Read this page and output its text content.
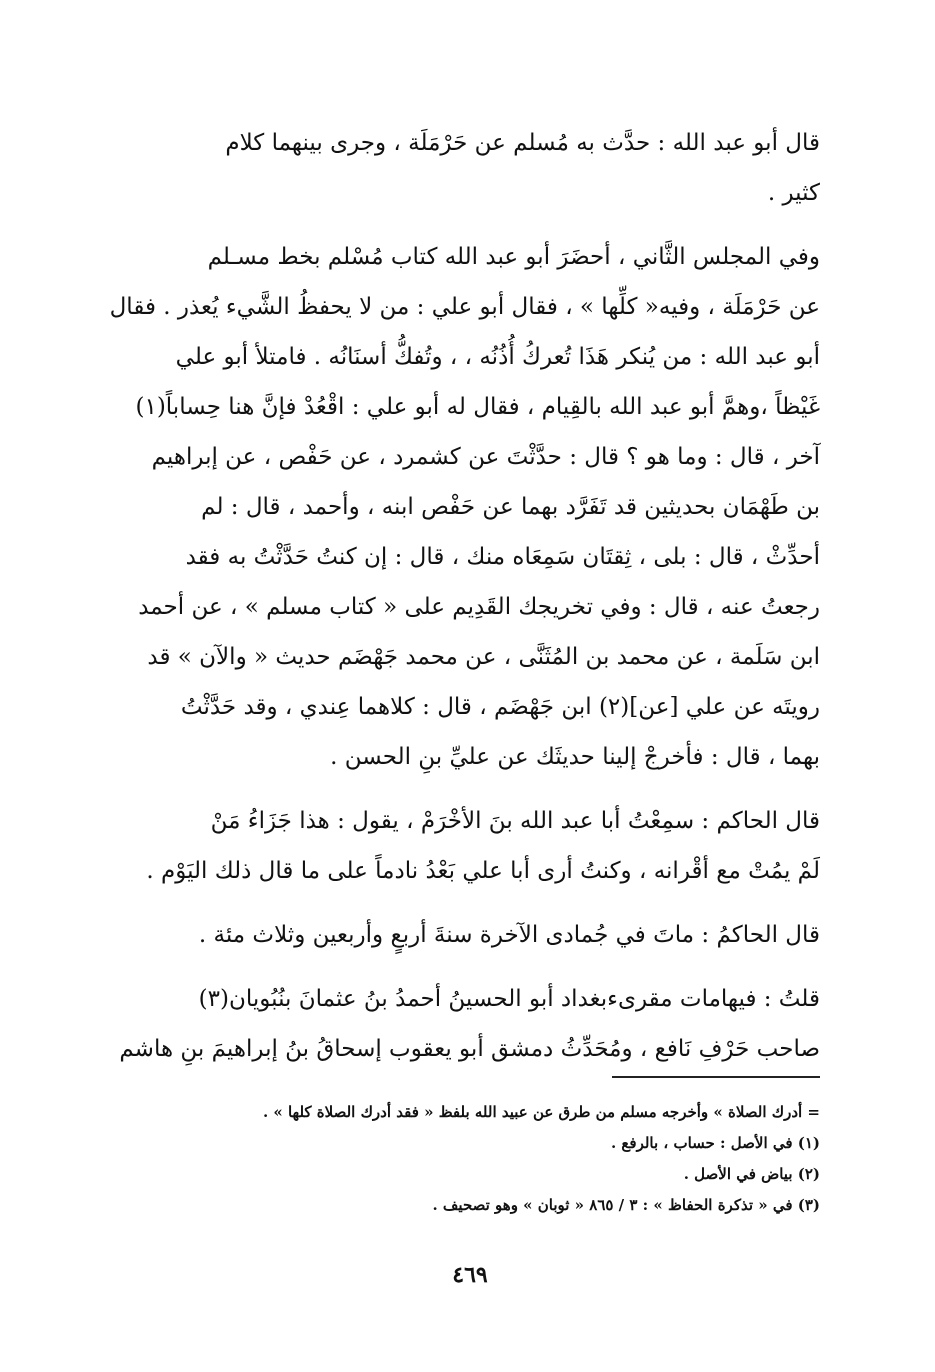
قال أبو عبد الله : حدَّث به مُسلم عن حَرْمَلَة ، وجرى بينهما كلام
كثير .
وفي المجلس الثَّاني ، أحضَرَ أبو عبد الله كتاب مُسْلم بخط مسـلم
عن حَرْمَلَة ، وفيه« كلِّها » ، فقال أبو علي : من لا يحفظُ الشَّيء يُعذر . فقال
أبو عبد الله : من يُنكر هَذَا تُعركُ أُذُنُه ، ، وتُفكُّ أسنَانُه . فامتلأ أبو علي
غَيْظاً ،وهمَّ أبو عبد الله بالقِيام ، فقال له أبو علي : اقْعُدْ فإنَّ هنا حِساباً(١)
آخر ، قال : وما هو ؟ قال : حدَّثْتَ عن كشمرد ، عن حَفْص ، عن إبراهيم
بن طَهْمَان بحديثين قد تَفَرَّد بهما عن حَفْص ابنه ، وأحمد ، قال : لم
أحدِّثْ ، قال : بلى ، ثِقتَان سَمِعَاه منك ، قال : إن كنتُ حَدَّثْتُ به فقد
رجعتُ عنه ، قال : وفي تخريجك القَدِيم على « كتاب مسلم » ، عن أحمد
ابن سَلَمة ، عن محمد بن المُثَنَّى ، عن محمد جَهْضَم حديث « والآن » قد
رويتَه عن علي [عن](٢) ابن جَهْضَم ، قال : كلاهما عِندي ، وقد حَدَّثْتُ
بهما ، قال : فأخرجْ إلينا حديثَك عن عليِّ بنِ الحسن .
قال الحاكم : سمِعْتُ أبا عبد الله بنَ الأخْرَمْ ، يقول : هذا جَزَاءُ مَنْ
لَمْ يمُتْ مع أقْرانه ، وكنتُ أرى أبا علي بَعْدُ نادماً على ما قال ذلك اليَوْم .
قال الحاكمُ : ماتَ في جُمادى الآخرة سنةَ أربعٍ وأربعين وثلاث مئة .
قلتُ : فيهامات مقرىءبغداد أبو الحسينُ أحمدُ بنُ عثمانَ بنُبُويان(٣)
صاحب حَرْفِ نَافع ، ومُحَدِّثُ دمشق أبو يعقوب إسحاقُ بنُ إبراهيمَ بنِ هاشم
= أدرك الصلاة » وأخرجه مسلم من طرق عن عبيد الله بلفظ « فقد أدرك الصلاة كلها » .
(١) في الأصل : حساب ، بالرفع .
(٢) بياض في الأصل .
(٣) في « تذكرة الحفاظ » : ٣ / ٨٦٥ « ثوبان » وهو تصحيف .
٤٦٩
